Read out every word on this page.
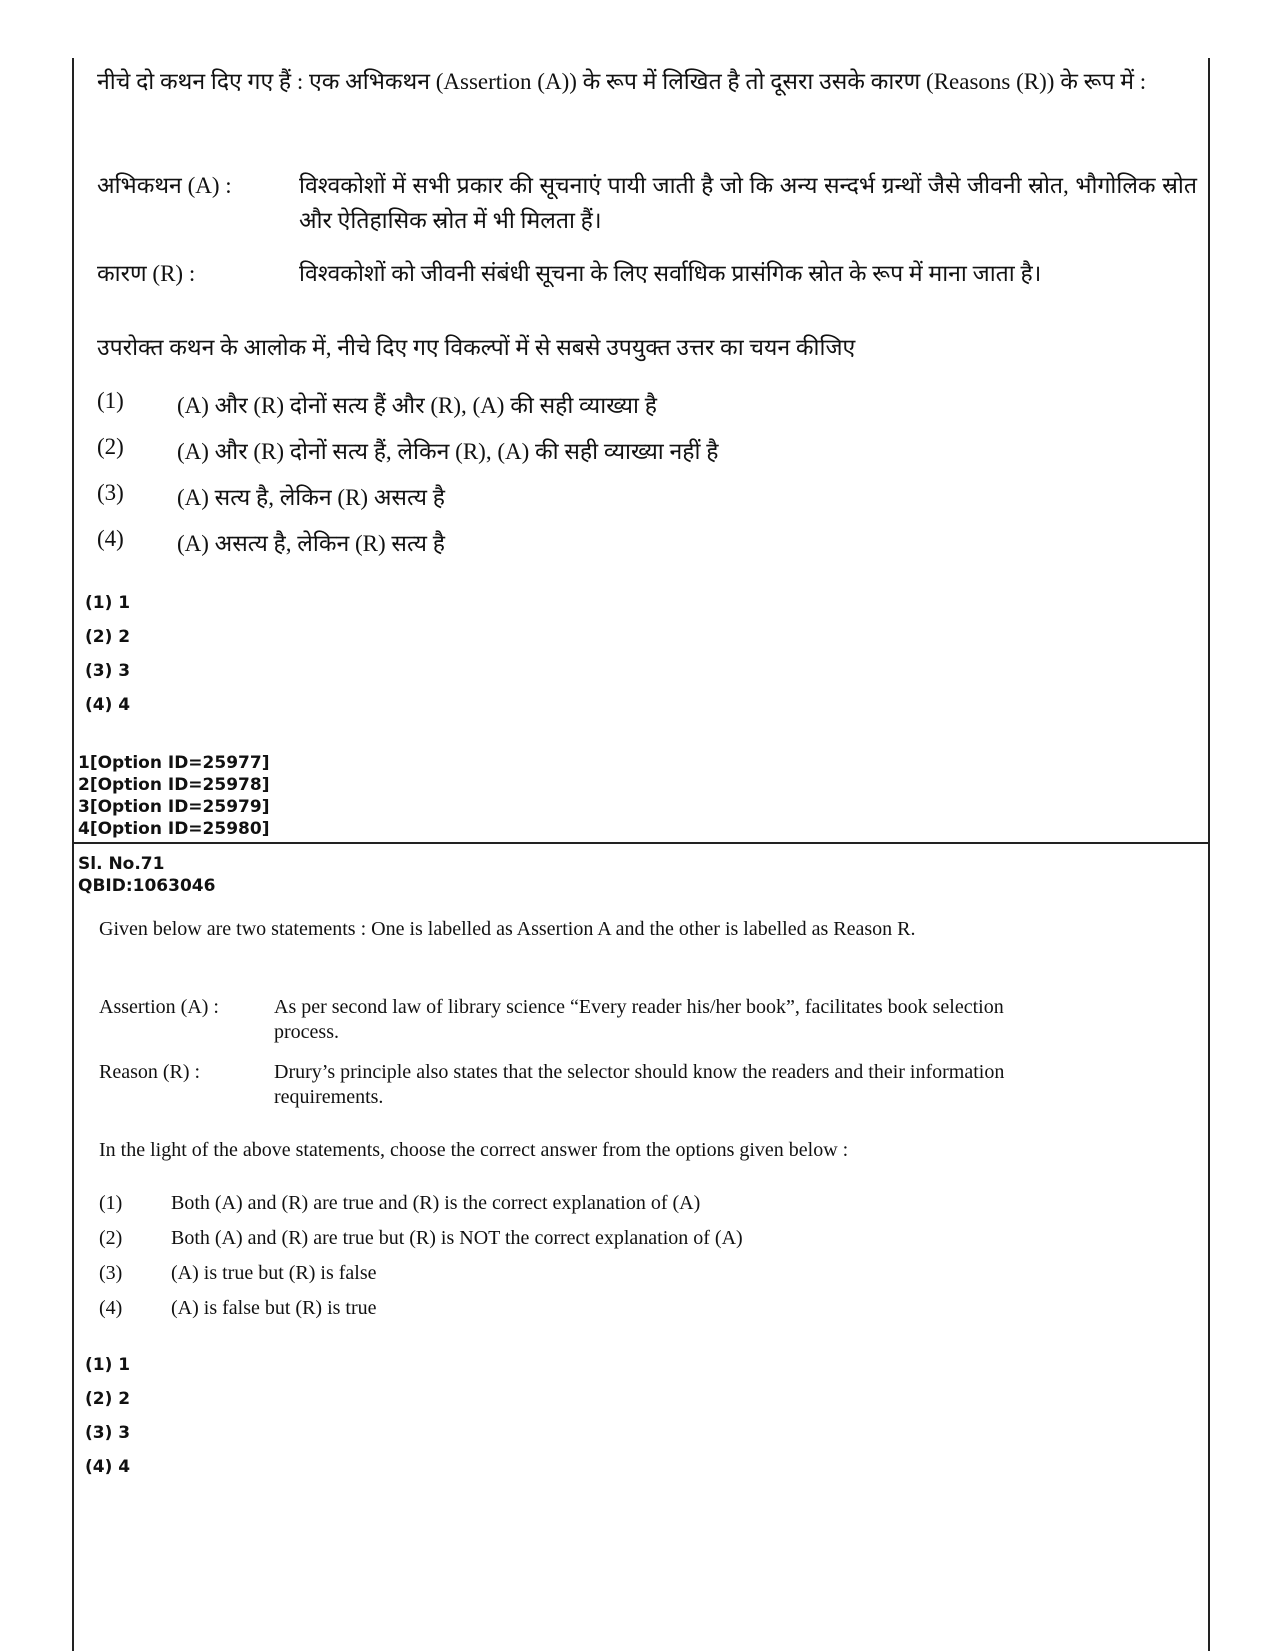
नीचे दो कथन दिए गए हैं : एक अभिकथन (Assertion (A)) के रूप में लिखित है तो दूसरा उसके कारण (Reasons (R)) के रूप में :
अभिकथन (A) :	विश्वकोशों में सभी प्रकार की सूचनाएं पायी जाती है जो कि अन्य सन्दर्भ ग्रन्थों जैसे जीवनी स्रोत, भौगोलिक स्रोत और ऐतिहासिक स्रोत में भी मिलता हैं।
कारण (R) :	विश्वकोशों को जीवनी संबंधी सूचना के लिए सर्वाधिक प्रासंगिक स्रोत के रूप में माना जाता है।
उपरोक्त कथन के आलोक में, नीचे दिए गए विकल्पों में से सबसे उपयुक्त उत्तर का चयन कीजिए
(1)	(A) और (R) दोनों सत्य हैं और (R), (A) की सही व्याख्या है
(2)	(A) और (R) दोनों सत्य हैं, लेकिन (R), (A) की सही व्याख्या नहीं है
(3)	(A) सत्य है, लेकिन (R) असत्य है
(4)	(A) असत्य है, लेकिन (R) सत्य है
(1) 1
(2) 2
(3) 3
(4) 4
1[Option ID=25977]
2[Option ID=25978]
3[Option ID=25979]
4[Option ID=25980]
Sl. No.71
QBID:1063046
Given below are two statements : One is labelled as Assertion A and the other is labelled as Reason R.
Assertion (A) :	As per second law of library science “Every reader his/her book”, facilitates book selection process.
Reason (R) :	Drury’s principle also states that the selector should know the readers and their information requirements.
In the light of the above statements, choose the correct answer from the options given below :
(1)	Both (A) and (R) are true and (R) is the correct explanation of (A)
(2)	Both (A) and (R) are true but (R) is NOT the correct explanation of (A)
(3)	(A) is true but (R) is false
(4)	(A) is false but (R) is true
(1) 1
(2) 2
(3) 3
(4) 4
